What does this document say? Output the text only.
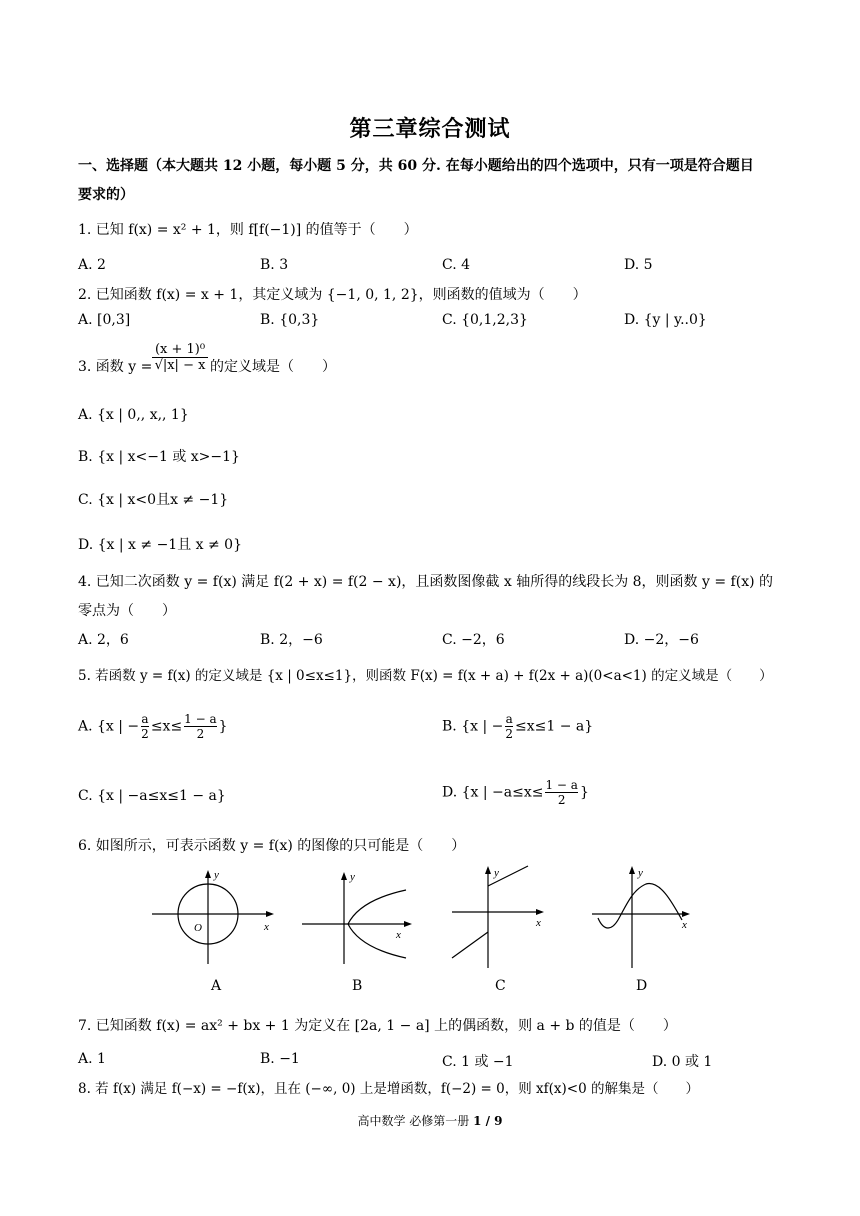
第三章综合测试
一、选择题（本大题共 12 小题，每小题 5 分，共 60 分. 在每小题给出的四个选项中，只有一项是符合题目
要求的）
1. 已知 f(x) = x² + 1，则 f[f(−1)] 的值等于（　　）
A. 2	B. 3	C. 4	D. 5
2. 已知函数 f(x) = x + 1，其定义域为 {−1, 0, 1, 2}，则函数的值域为（　　）
A. [0,3]	B. {0,3}	C. {0,1,2,3}	D. {y | y..0}
3. 函数 $y = \frac{\text{(x + 1)⁰}}{√|x| - x}$ 的定义域是（　　）
A. {x | 0,, x,, 1}
B. {x | x<−1 或 x>−1}
C. {x | x<0且x ≠ −1}
D. {x | x ≠ −1且 x ≠ 0}
4. 已知二次函数 y = f(x) 满足 f(2 + x) = f(2 − x)，且函数图像截 x 轴所得的线段长为 8，则函数 y = f(x) 的
零点为（　　）
A. 2，6	B. 2，−6	C. −2，6	D. −2，−6
5. 若函数 y = f(x) 的定义域是 {x | 0≤x≤1}，则函数 F(x) = f(x + a) + f(2x + a)(0<a<1) 的定义域是（　　）
A. {x | − $\frac{a}{2} \le x\le \frac{1 - a}{2}$ }	B. {x | − $\frac{a}{2} \le x\le 1 - a$}
C. {x | −a≤x≤1 − a}	D. {x | $-a\le x\le \frac{1 - a}{2}$ }
6. 如图所示，可表示函数 y = f(x) 的图像的只可能是（　　）
y
O	x
y
x
y
x
y
x
A	B	C	D
7. 已知函数 f(x) = ax² + bx + 1 为定义在 [2a, 1 − a] 上的偶函数，则 a + b 的值是（　　）
A. 1	B. −1	C. 1 或 −1	D. 0 或 1
8. 若 f(x) 满足 f(−x) = −f(x)，且在 (−∞, 0) 上是增函数，f(−2) = 0，则 xf(x)<0 的解集是（　　）
高中数学 必修第一册 1 / 9
